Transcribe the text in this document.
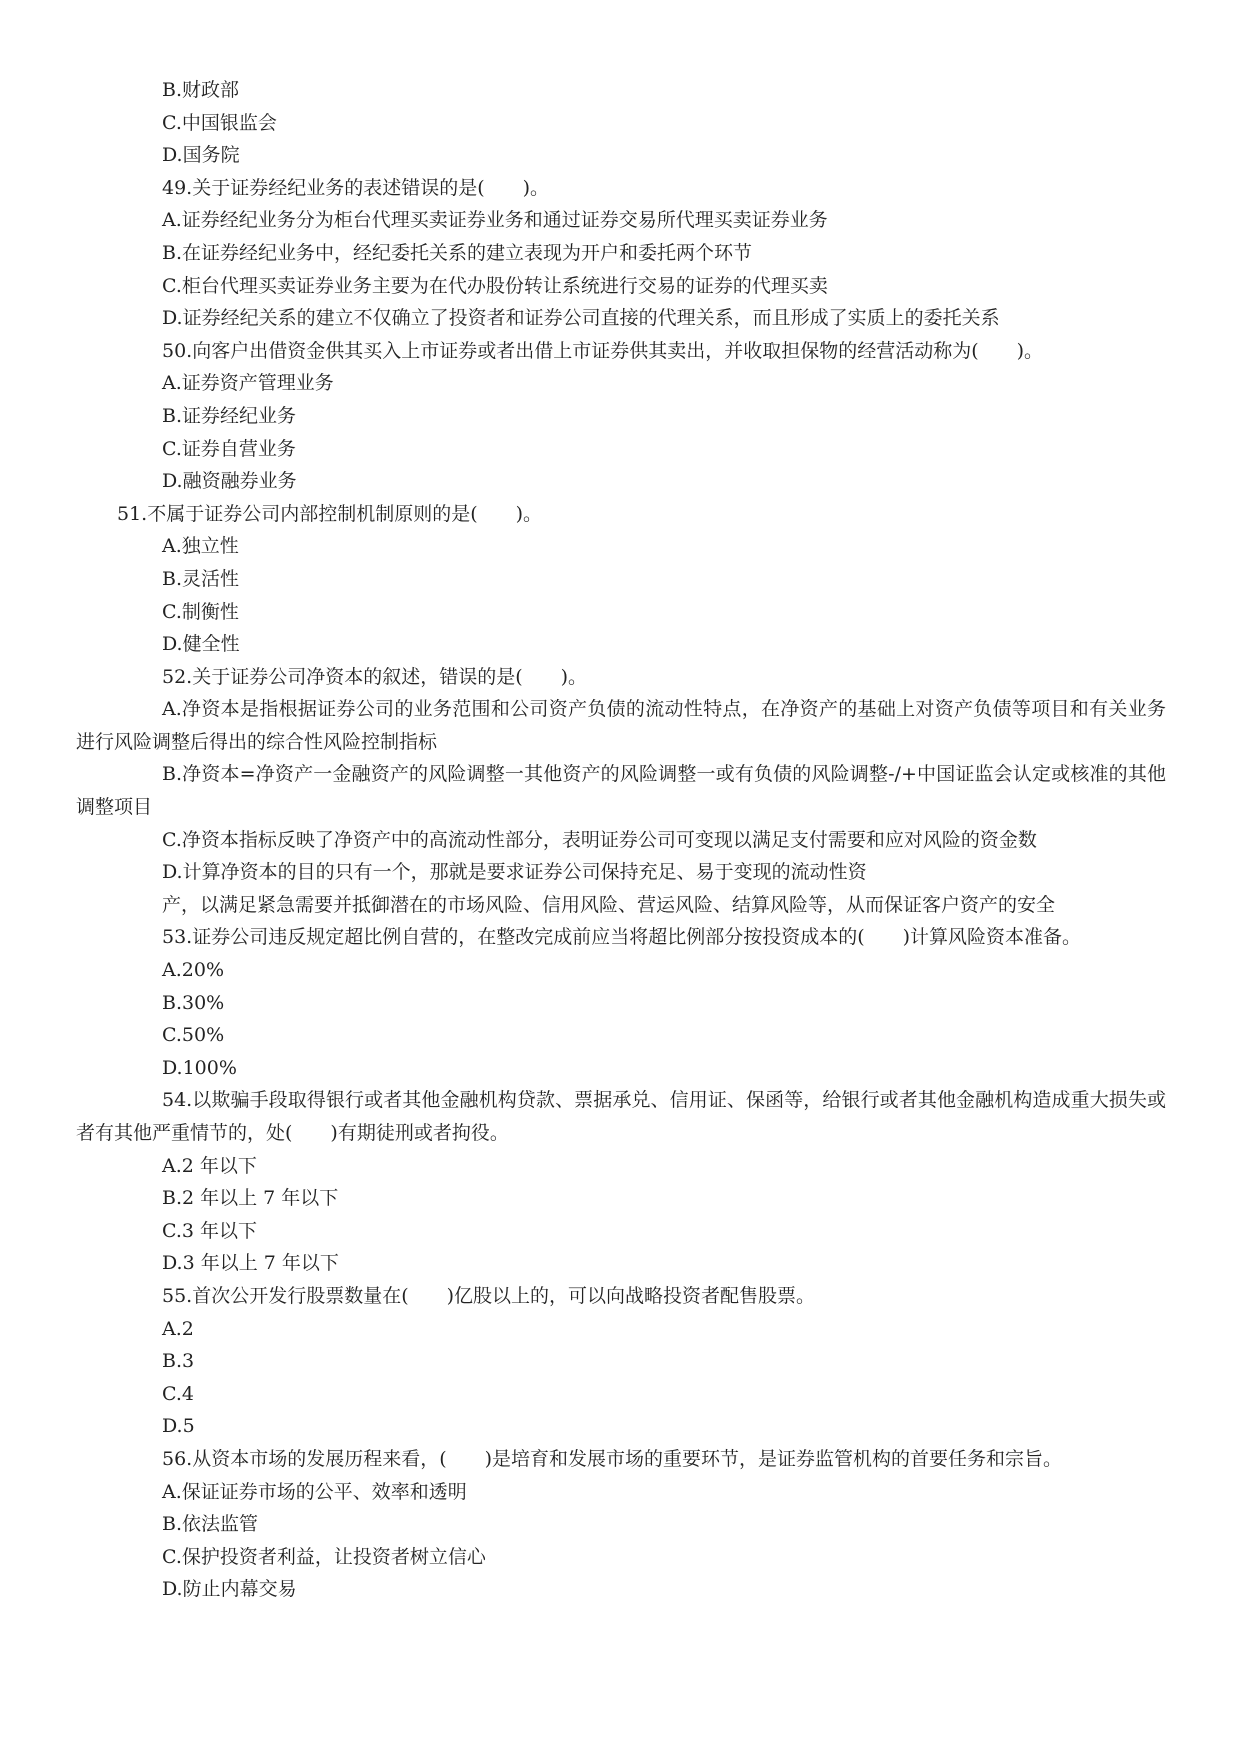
B.财政部
C.中国银监会
D.国务院
49.关于证券经纪业务的表述错误的是(　　)。
A.证券经纪业务分为柜台代理买卖证券业务和通过证券交易所代理买卖证券业务
B.在证券经纪业务中，经纪委托关系的建立表现为开户和委托两个环节
C.柜台代理买卖证券业务主要为在代办股份转让系统进行交易的证券的代理买卖
D.证券经纪关系的建立不仅确立了投资者和证券公司直接的代理关系，而且形成了实质上的委托关系
50.向客户出借资金供其买入上市证券或者出借上市证券供其卖出，并收取担保物的经营活动称为(　　)。
A.证券资产管理业务
B.证券经纪业务
C.证券自营业务
D.融资融券业务
51.不属于证券公司内部控制机制原则的是(　　)。
A.独立性
B.灵活性
C.制衡性
D.健全性
52.关于证券公司净资本的叙述，错误的是(　　)。
A.净资本是指根据证券公司的业务范围和公司资产负债的流动性特点，在净资产的基础上对资产负债等项目和有关业务进行风险调整后得出的综合性风险控制指标
B.净资本=净资产一金融资产的风险调整一其他资产的风险调整一或有负债的风险调整-/+中国证监会认定或核准的其他调整项目
C.净资本指标反映了净资产中的高流动性部分，表明证券公司可变现以满足支付需要和应对风险的资金数
D.计算净资本的目的只有一个，那就是要求证券公司保持充足、易于变现的流动性资
产，以满足紧急需要并抵御潜在的市场风险、信用风险、营运风险、结算风险等，从而保证客户资产的安全
53.证券公司违反规定超比例自营的，在整改完成前应当将超比例部分按投资成本的(　　)计算风险资本准备。
A.20%
B.30%
C.50%
D.100%
54.以欺骗手段取得银行或者其他金融机构贷款、票据承兑、信用证、保函等，给银行或者其他金融机构造成重大损失或者有其他严重情节的，处(　　)有期徒刑或者拘役。
A.2 年以下
B.2 年以上 7 年以下
C.3 年以下
D.3 年以上 7 年以下
55.首次公开发行股票数量在(　　)亿股以上的，可以向战略投资者配售股票。
A.2
B.3
C.4
D.5
56.从资本市场的发展历程来看，(　　)是培育和发展市场的重要环节，是证券监管机构的首要任务和宗旨。
A.保证证券市场的公平、效率和透明
B.依法监管
C.保护投资者利益，让投资者树立信心
D.防止内幕交易
